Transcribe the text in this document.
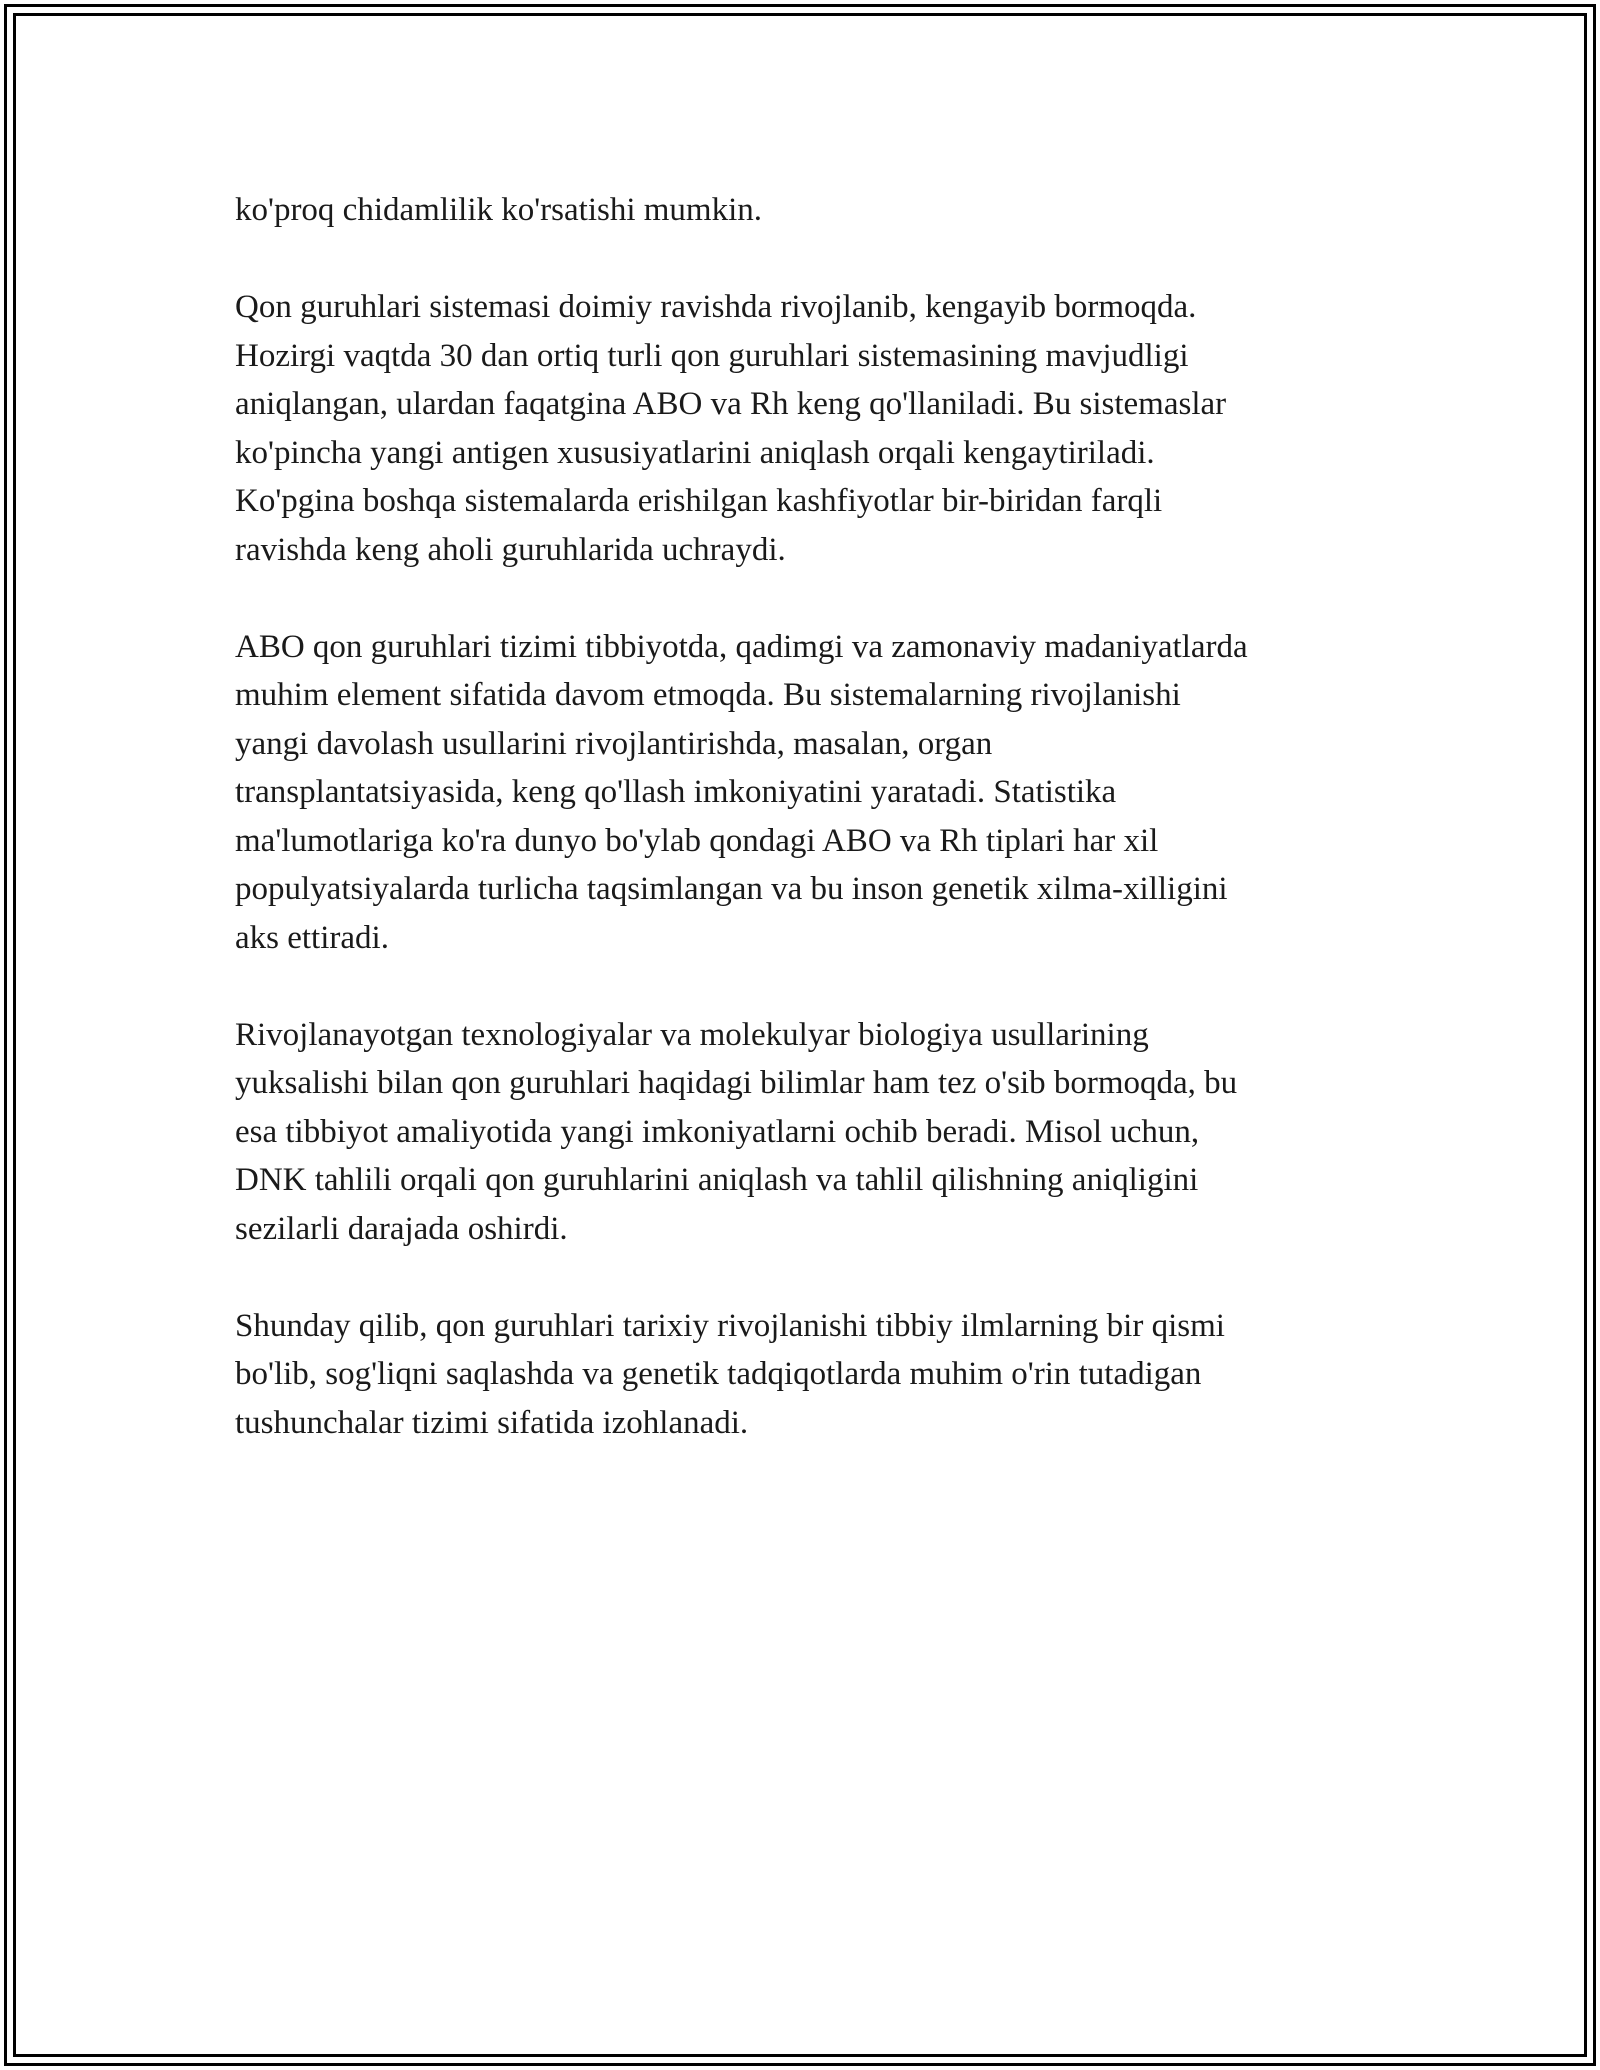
ko'proq chidamlilik ko'rsatishi mumkin.

Qon guruhlari sistemasi doimiy ravishda rivojlanib, kengayib bormoqda.
Hozirgi vaqtda 30 dan ortiq turli qon guruhlari sistemasining mavjudligi
aniqlangan, ulardan faqatgina ABO va Rh keng qo'llaniladi. Bu sistemaslar
ko'pincha yangi antigen xususiyatlarini aniqlash orqali kengaytiriladi.
Ko'pgina boshqa sistemalarda erishilgan kashfiyotlar bir-biridan farqli
ravishda keng aholi guruhlarida uchraydi.

ABO qon guruhlari tizimi tibbiyotda, qadimgi va zamonaviy madaniyatlarda
muhim element sifatida davom etmoqda. Bu sistemalarning rivojlanishi
yangi davolash usullarini rivojlantirishda, masalan, organ
transplantatsiyasida, keng qo'llash imkoniyatini yaratadi. Statistika
ma'lumotlariga ko'ra dunyo bo'ylab qondagi ABO va Rh tiplari har xil
populyatsiyalarda turlicha taqsimlangan va bu inson genetik xilma-xilligini
aks ettiradi.

Rivojlanayotgan texnologiyalar va molekulyar biologiya usullarining
yuksalishi bilan qon guruhlari haqidagi bilimlar ham tez o'sib bormoqda, bu
esa tibbiyot amaliyotida yangi imkoniyatlarni ochib beradi. Misol uchun,
DNK tahlili orqali qon guruhlarini aniqlash va tahlil qilishning aniqligini
sezilarli darajada oshirdi.

Shunday qilib, qon guruhlari tarixiy rivojlanishi tibbiy ilmlarning bir qismi
bo'lib, sog'liqni saqlashda va genetik tadqiqotlarda muhim o'rin tutadigan
tushunchalar tizimi sifatida izohlanadi.
